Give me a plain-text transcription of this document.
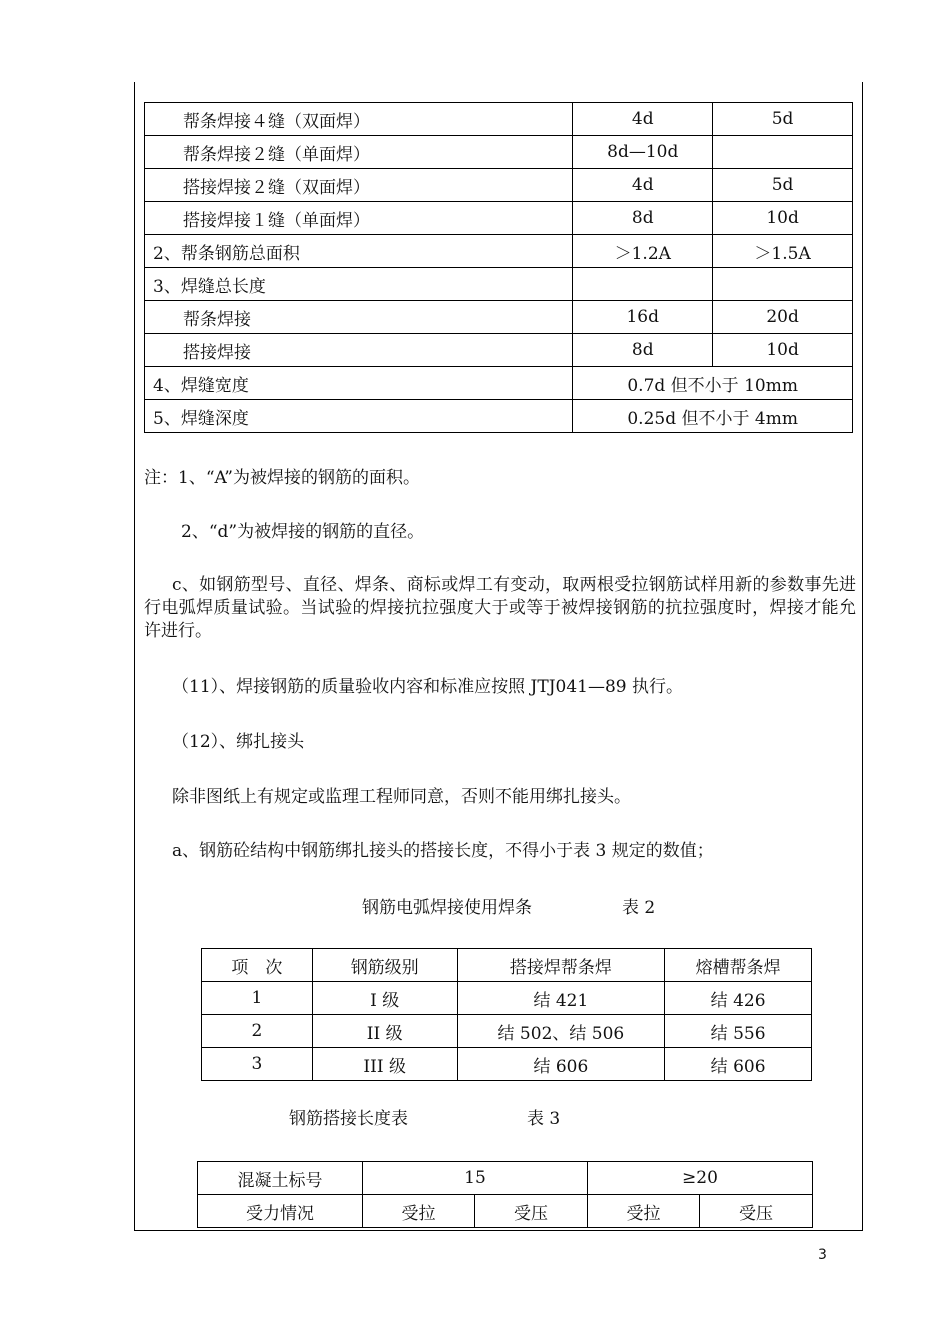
帮条焊接４缝（双面焊）	4d	5d
帮条焊接２缝（单面焊）	8d—10d	
搭接焊接２缝（双面焊）	4d	5d
搭接焊接１缝（单面焊）	8d	10d
2、帮条钢筋总面积	＞1.2A	＞1.5A
3、焊缝总长度		
帮条焊接	16d	20d
搭接焊接	8d	10d
4、焊缝宽度	0.7d 但不小于 10mm	
5、焊缝深度	0.25d 但不小于 4mm	
注：1、“A”为被焊接的钢筋的面积。
2、“d”为被焊接的钢筋的直径。
c、如钢筋型号、直径、焊条、商标或焊工有变动，取两根受拉钢筋试样用新的参数事先进行电弧焊质量试验。当试验的焊接抗拉强度大于或等于被焊接钢筋的抗拉强度时，焊接才能允许进行。
（11）、焊接钢筋的质量验收内容和标准应按照 JTJ041—89 执行。
（12）、绑扎接头
除非图纸上有规定或监理工程师同意，否则不能用绑扎接头。
a、钢筋砼结构中钢筋绑扎接头的搭接长度，不得小于表 3 规定的数值；
钢筋电弧焊接使用焊条	表 2
项　次	钢筋级别	搭接焊帮条焊	熔槽帮条焊
1	I 级	结 421	结 426
2	II 级	结 502、结 506	结 556
3	III 级	结 606	结 606
钢筋搭接长度表	表 3
混凝土标号	15		≥20	
受力情况	受拉	受压	受拉	受压
3
